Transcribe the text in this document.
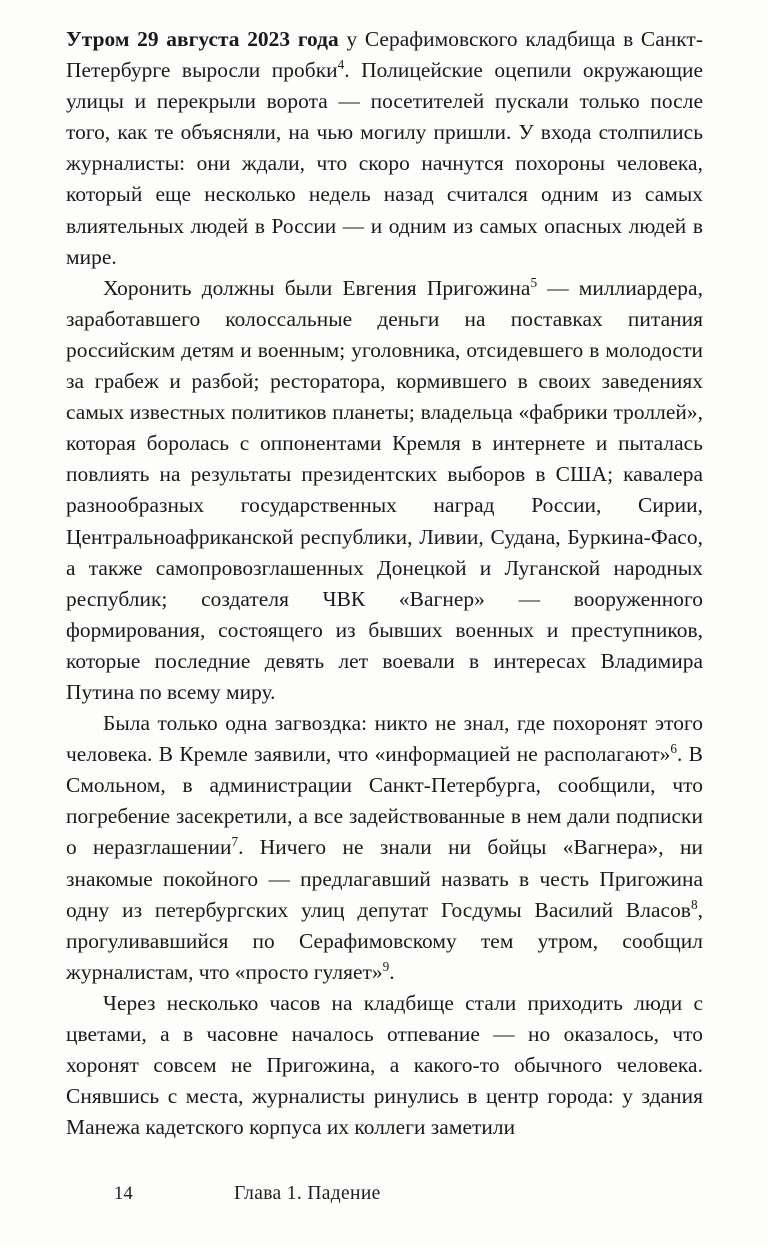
Утром 29 августа 2023 года у Серафимовского кладбища в Санкт-Петербурге выросли пробки$^4$. Полицейские оцепили окружающие улицы и перекрыли ворота — посетителей пускали только после того, как те объясняли, на чью могилу пришли. У входа столпились журналисты: они ждали, что скоро начнутся похороны человека, который еще несколько недель назад считался одним из самых влиятельных людей в России — и одним из самых опасных людей в мире.

Хоронить должны были Евгения Пригожина$^5$ — миллиардера, заработавшего колоссальные деньги на поставках питания российским детям и военным; уголовника, отсидевшего в молодости за грабеж и разбой; ресторатора, кормившего в своих заведениях самых известных политиков планеты; владельца «фабрики троллей», которая боролась с оппонентами Кремля в интернете и пыталась повлиять на результаты президентских выборов в США; кавалера разнообразных государственных наград России, Сирии, Центральноафриканской республики, Ливии, Судана, Буркина-Фасо, а также самопровозглашенных Донецкой и Луганской народных республик; создателя ЧВК «Вагнер» — вооруженного формирования, состоящего из бывших военных и преступников, которые последние девять лет воевали в интересах Владимира Путина по всему миру.

Была только одна загвоздка: никто не знал, где похоронят этого человека. В Кремле заявили, что «информацией не располагают»$^6$. В Смольном, в администрации Санкт-Петербурга, сообщили, что погребение засекретили, а все задействованные в нем дали подписки о неразглашении$^7$. Ничего не знали ни бойцы «Вагнера», ни знакомые покойного — предлагавший назвать в честь Пригожина одну из петербургских улиц депутат Госдумы Василий Власов$^8$, прогуливавшийся по Серафимовскому тем утром, сообщил журналистам, что «просто гуляет»$^9$.

Через несколько часов на кладбище стали приходить люди с цветами, а в часовне началось отпевание — но оказалось, что хоронят совсем не Пригожина, а какого-то обычного человека. Снявшись с места, журналисты ринулись в центр города: у здания Манежа кадетского корпуса их коллеги заметили

14	Глава 1. Падение
